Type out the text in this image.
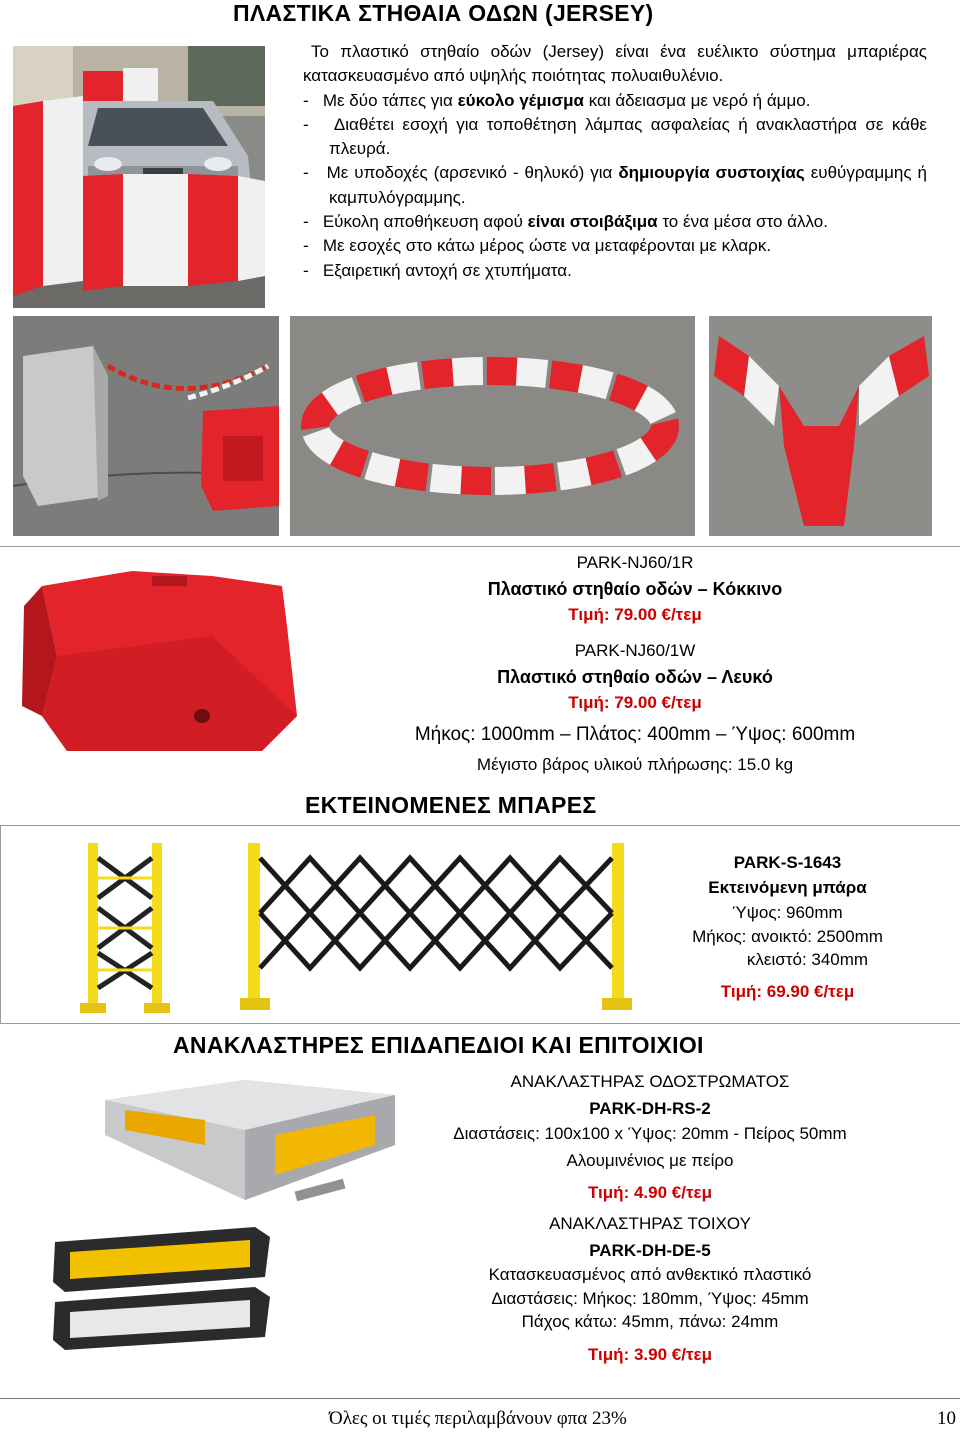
ΠΛΑΣΤΙΚΑ ΣΤΗΘΑΙΑ ΟΔΩΝ (JERSEY)

Το πλαστικό στηθαίο οδών (Jersey) είναι ένα ευέλικτο σύστημα μπαριέρας κατασκευασμένο από υψηλής ποιότητας πολυαιθυλένιο.

-   Με δύο τάπες για εύκολο γέμισμα και άδειασμα με νερό ή άμμο.

-   Διαθέτει εσοχή για τοποθέτηση λάμπας ασφαλείας ή ανακλαστήρα σε κάθε πλευρά.

-   Με υποδοχές (αρσενικό - θηλυκό) για δημιουργία συστοιχίας ευθύγραμμης ή καμπυλόγραμμης.

-   Εύκολη αποθήκευση αφού είναι στοιβάξιμα το ένα μέσα στο άλλο.

-   Με εσοχές στο κάτω μέρος ώστε να μεταφέρονται με κλαρκ.

-   Εξαιρετική αντοχή σε χτυπήματα.

PARK-NJ60/1R
Πλαστικό στηθαίο οδών – Κόκκινο
Τιμή: 79.00 €/τεμ
PARK-NJ60/1W
Πλαστικό στηθαίο οδών – Λευκό
Τιμή: 79.00 €/τεμ
Μήκος: 1000mm – Πλάτος: 400mm – Ύψος: 600mm
Μέγιστο βάρος υλικού πλήρωσης: 15.0 kg
ΕΚΤΕΙΝΟΜΕΝΕΣ ΜΠΑΡΕΣ
PARK-S-1643
Εκτεινόμενη μπάρα
Ύψος: 960mm
Μήκος: ανοικτό: 2500mm
κλειστό: 340mm
Τιμή: 69.90 €/τεμ
ΑΝΑΚΛΑΣΤΗΡΕΣ ΕΠΙΔΑΠΕΔΙΟΙ ΚΑΙ ΕΠΙΤΟΙΧΙΟΙ
ΑΝΑΚΛΑΣΤΗΡΑΣ ΟΔΟΣΤΡΩΜΑΤΟΣ
PARK-DH-RS-2
Διαστάσεις: 100x100 x Ύψος: 20mm - Πείρος 50mm
Αλουμινένιος με πείρο
Τιμή: 4.90 €/τεμ
ΑΝΑΚΛΑΣΤΗΡΑΣ ΤΟΙΧΟΥ
PARK-DH-DE-5
Κατασκευασμένος από ανθεκτικό πλαστικό
Διαστάσεις: Μήκος: 180mm, Ύψος: 45mm
Πάχος κάτω: 45mm, πάνω: 24mm
Τιμή: 3.90 €/τεμ
Όλες οι τιμές περιλαμβάνουν φπα 23%	10
